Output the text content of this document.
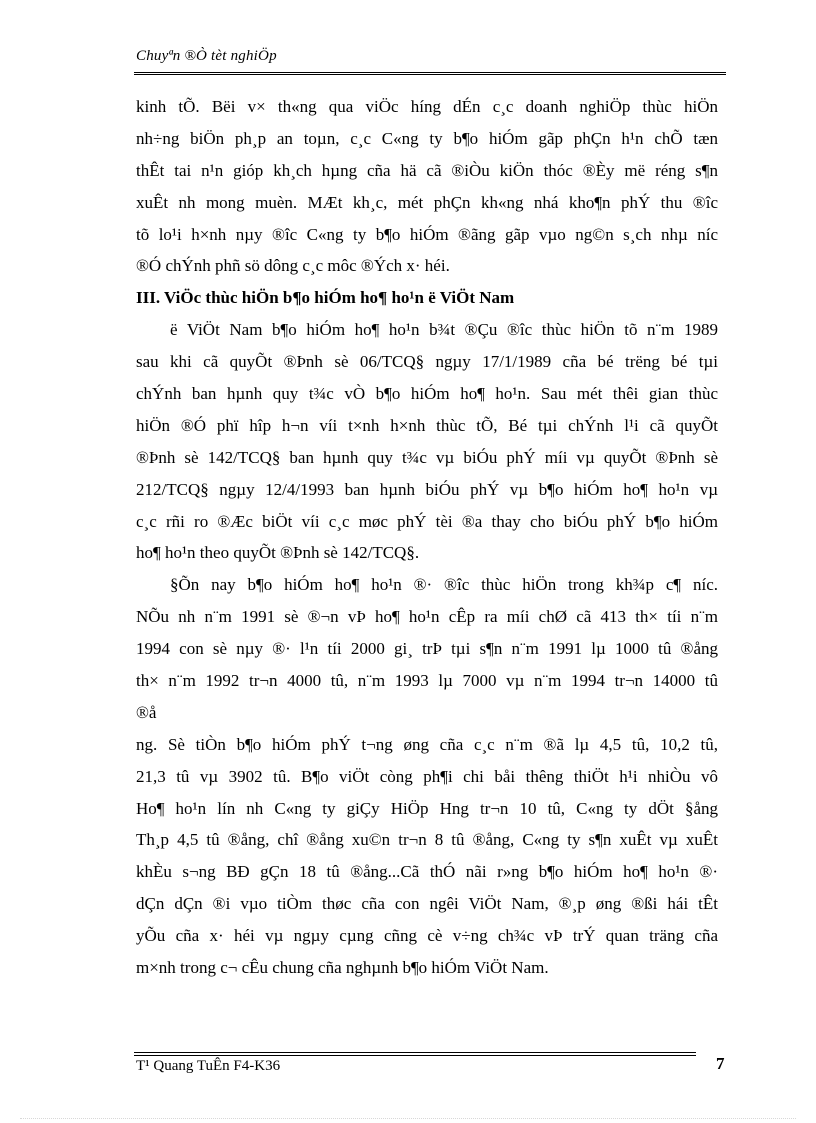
Chuyªn ®Ò tèt nghiÖp
kinh tÕ. Bëi v× th«ng qua viÖc híng dÉn c¸c doanh nghiÖp thùc hiÖn
nh÷ng biÖn ph¸p an toµn, c¸c C«ng ty b¶o hiÓm gãp phÇn h¹n chÕ tæn
thÊt tai n¹n gióp kh¸ch hµng cña hä cã ®iÒu kiÖn thóc ®Èy më réng s¶n
xuÊt nh mong muèn. MÆt kh¸c, mét phÇn kh«ng nhá kho¶n phÝ thu ®îc
tõ lo¹i h×nh nµy ®îc C«ng ty b¶o hiÓm ®ãng gãp vµo ng©n s¸ch nhµ níc
®Ó chÝnh phñ sö dông c¸c môc ®Ých x· héi.
III. ViÖc thùc hiÖn b¶o hiÓm ho¶ ho¹n ë ViÖt Nam
ë ViÖt Nam b¶o hiÓm ho¶ ho¹n b¾t ®Çu ®îc thùc hiÖn tõ n¨m 1989
sau khi cã quyÕt ®Þnh sè 06/TCQ§ ngµy 17/1/1989 cña bé trëng bé tµi
chÝnh ban hµnh quy t¾c vÒ b¶o hiÓm ho¶ ho¹n. Sau mét thêi gian thùc
hiÖn ®Ó phï hîp h¬n víi t×nh h×nh thùc tÕ, Bé tµi chÝnh l¹i cã quyÕt
®Þnh sè 142/TCQ§ ban hµnh quy t¾c vµ biÓu phÝ míi vµ quyÕt ®Þnh sè
212/TCQ§ ngµy 12/4/1993 ban hµnh biÓu phÝ vµ b¶o hiÓm ho¶ ho¹n vµ
c¸c rñi ro ®Æc biÖt víi c¸c møc phÝ tèi ®a thay cho biÓu phÝ b¶o hiÓm
ho¶ ho¹n theo quyÕt ®Þnh sè 142/TCQ§.
§Õn nay b¶o hiÓm ho¶ ho¹n ®· ®îc thùc hiÖn trong kh¾p c¶ níc.
NÕu nh n¨m 1991 sè ®¬n vÞ ho¶ ho¹n cÊp ra míi chØ cã 413 th× tíi n¨m
1994 con sè nµy ®· l¹n tíi 2000 gi¸ trÞ tµi s¶n n¨m 1991 lµ 1000 tû ®ång
th× n¨m 1992 tr¬n 4000 tû, n¨m 1993 lµ 7000 vµ n¨m 1994 tr¬n 14000 tû
®å
ng. Sè tiÒn b¶o hiÓm phÝ t¬ng øng cña c¸c n¨m ®ã lµ 4,5 tû, 10,2 tû,
21,3 tû vµ 3902 tû. B¶o viÖt còng ph¶i chi båi thêng thiÖt h¹i nhiÒu vô
Ho¶ ho¹n lín nh C«ng ty giÇy HiÖp Hng tr¬n 10 tû, C«ng ty dÖt §ång
Th¸p 4,5 tû ®ång, chî ®ång xu©n tr¬n 8 tû ®ång, C«ng ty s¶n xuÊt vµ xuÊt
khÈu s¬ng BÐ gÇn 18 tû ®ång...Cã thÓ nãi r»ng b¶o hiÓm ho¶ ho¹n ®·
dÇn dÇn ®i vµo tiÒm thøc cña con ngêi ViÖt Nam, ®¸p øng ®ßi hái tÊt
yÕu cña x· héi vµ ngµy cµng cñng cè v÷ng ch¾c vÞ trÝ quan träng cña
m×nh trong c¬ cÊu chung cña nghµnh b¶o hiÓm ViÖt Nam.
T¹ Quang TuÊn F4-K36	7
